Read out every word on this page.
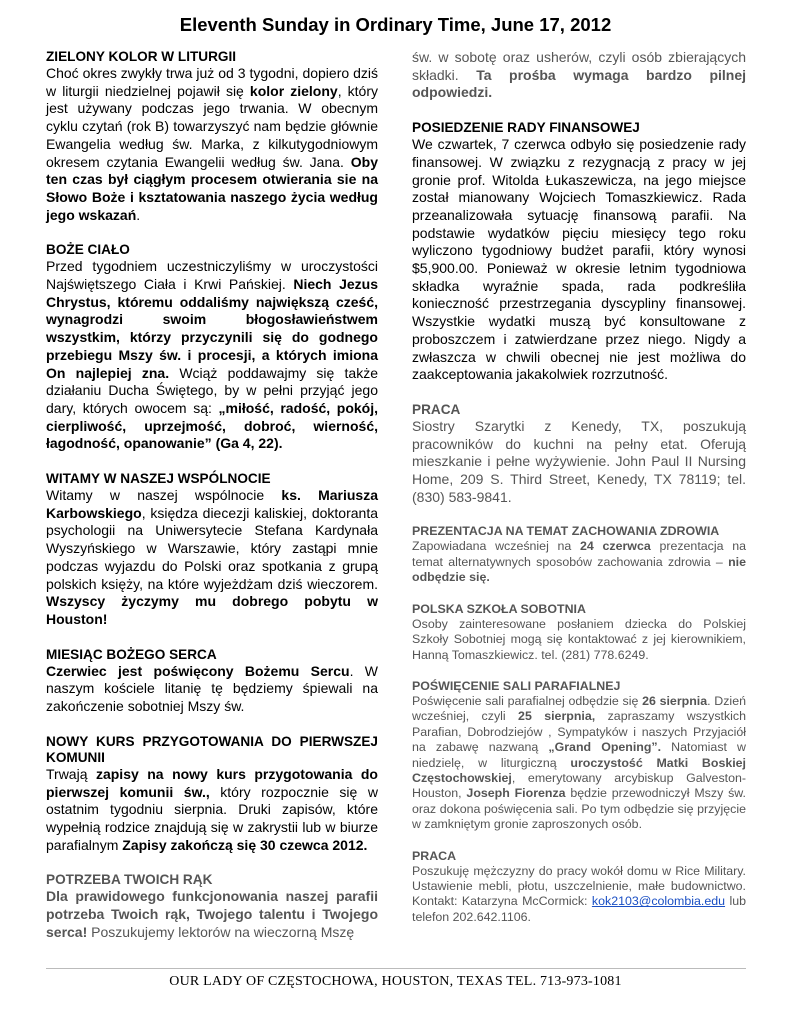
Eleventh Sunday in Ordinary Time, June 17, 2012

ZIELONY KOLOR W LITURGII

Choć okres zwykły trwa już od 3 tygodni, dopiero dziś w liturgii niedzielnej pojawił się kolor zielony, który jest używany podczas jego trwania. W obecnym cyklu czytań (rok B) towarzyszyć nam będzie głównie Ewangelia według św. Marka, z kilkutygodniowym okresem czytania Ewangelii według św. Jana. Oby ten czas był ciągłym procesem otwierania sie na Słowo Boże i ksztatowania naszego życia według jego wskazań.

BOŻE CIAŁO

Przed tygodniem uczestniczyliśmy w uroczystości Najświętszego Ciała i Krwi Pańskiej. Niech Jezus Chrystus, któremu oddaliśmy największą cześć, wynagrodzi swoim błogosławieństwem wszystkim, którzy przyczynili się do godnego przebiegu Mszy św. i procesji, a których imiona On najlepiej zna. Wciąż poddawajmy się także działaniu Ducha Świętego, by w pełni przyjąć jego dary, których owocem są: „miłość, radość, pokój, cierpliwość, uprzejmość, dobroć, wierność, łagodność, opanowanie” (Ga 4, 22).

WITAMY W NASZEJ WSPÓLNOCIE

Witamy w naszej wspólnocie ks. Mariusza Karbowskiego, księdza diecezji kaliskiej, doktoranta psychologii na Uniwersytecie Stefana Kardynała Wyszyńskiego w Warszawie, który zastąpi mnie podczas wyjazdu do Polski oraz spotkania z grupą polskich księży, na które wyjeżdżam dziś wieczorem. Wszyscy życzymy mu dobrego pobytu w Houston!

MIESIĄC BOŻEGO SERCA

Czerwiec jest poświęcony Bożemu Sercu. W naszym kościele litanię tę będziemy śpiewali na zakończenie sobotniej Mszy św.

NOWY KURS PRZYGOTOWANIA DO PIERWSZEJ KOMUNII

Trwają zapisy na nowy kurs przygotowania do pierwszej komunii św., który rozpocznie się w ostatnim tygodniu sierpnia. Druki zapisów, które wypełnią rodzice znajdują się w zakrystii lub w biurze parafialnym Zapisy zakończą się 30 czewca 2012.

POTRZEBA TWOICH RĄK

Dla prawidowego funkcjonowania naszej parafii potrzeba Twoich rąk, Twojego talentu i Twojego serca! Poszukujemy lektorów na wieczorną Mszę

św. w sobotę oraz usherów, czyli osób zbierających składki. Ta prośba wymaga bardzo pilnej odpowiedzi.

POSIEDZENIE RADY FINANSOWEJ

We czwartek, 7 czerwca odbyło się posiedzenie rady finansowej. W związku z rezygnacją z pracy w jej gronie prof. Witolda Łukaszewicza, na jego miejsce został mianowany Wojciech Tomaszkiewicz. Rada przeanalizowała sytuację finansową parafii. Na podstawie wydatków pięciu miesięcy tego roku wyliczono tygodniowy budżet parafii, który wynosi $5,900.00. Ponieważ w okresie letnim tygodniowa składka wyraźnie spada, rada podkreśliła konieczność przestrzegania dyscypliny finansowej. Wszystkie wydatki muszą być konsultowane z proboszczem i zatwierdzane przez niego. Nigdy a zwłaszcza w chwili obecnej nie jest możliwa do zaakceptowania jakakolwiek rozrzutność.

PRACA

Siostry Szarytki z Kenedy, TX, poszukują pracowników do kuchni na pełny etat. Oferują mieszkanie i pełne wyżywienie. John Paul II Nursing Home, 209 S. Third Street, Kenedy, TX 78119; tel. (830) 583-9841.

PREZENTACJA NA TEMAT ZACHOWANIA ZDROWIA

Zapowiadana wcześniej na 24 czerwca prezentacja na temat alternatywnych sposobów zachowania zdrowia – nie odbędzie się.

POLSKA SZKOŁA SOBOTNIA

Osoby zainteresowane posłaniem dziecka do Polskiej Szkoły Sobotniej mogą się kontaktować z jej kierownikiem, Hanną Tomaszkiewicz. tel. (281) 778.6249.

POŚWIĘCENIE SALI PARAFIALNEJ

Poświęcenie sali parafialnej odbędzie się 26 sierpnia. Dzień wcześniej, czyli 25 sierpnia, zapraszamy wszystkich Parafian, Dobrodziejów , Sympatyków i naszych Przyjaciół na zabawę nazwaną „Grand Opening”. Natomiast w niedzielę, w liturgiczną uroczystość Matki Boskiej Częstochowskiej, emerytowany arcybiskup Galveston-Houston, Joseph Fiorenza będzie przewodniczył Mszy św. oraz dokona poświęcenia sali. Po tym odbędzie się przyjęcie w zamkniętym gronie zaproszonych osób.

PRACA

Poszukuję mężczyzny do pracy wokół domu w Rice Military. Ustawienie mebli, płotu, uszczelnienie, małe budownictwo. Kontakt: Katarzyna McCormick: kok2103@colombia.edu lub telefon 202.642.1106.

OUR LADY OF CZĘSTOCHOWA, HOUSTON, TEXAS TEL. 713-973-1081
